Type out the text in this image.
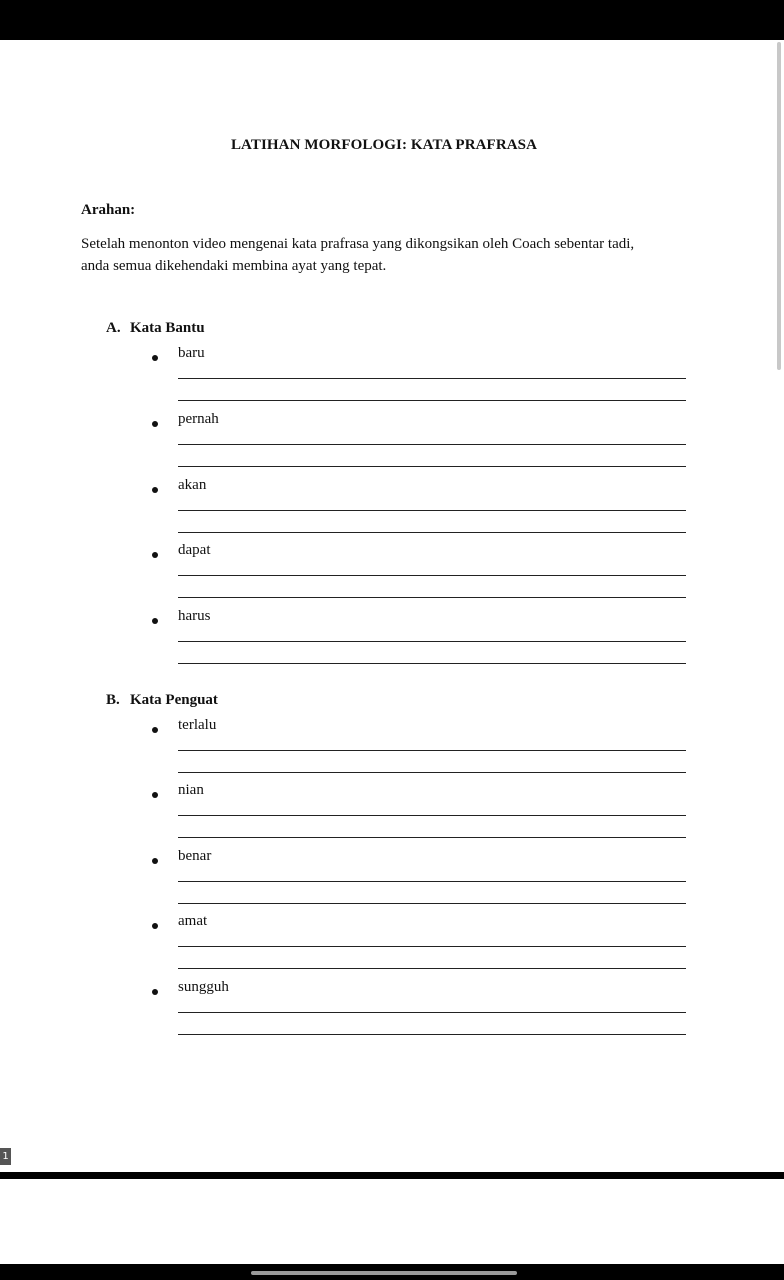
LATIHAN MORFOLOGI: KATA PRAFRASA
Arahan:
Setelah menonton video mengenai kata prafrasa yang dikongsikan oleh Coach sebentar tadi,
anda semua dikehendaki membina ayat yang tepat.
A. Kata Bantu
baru
pernah
akan
dapat
harus
B. Kata Penguat
terlalu
nian
benar
amat
sungguh
1
